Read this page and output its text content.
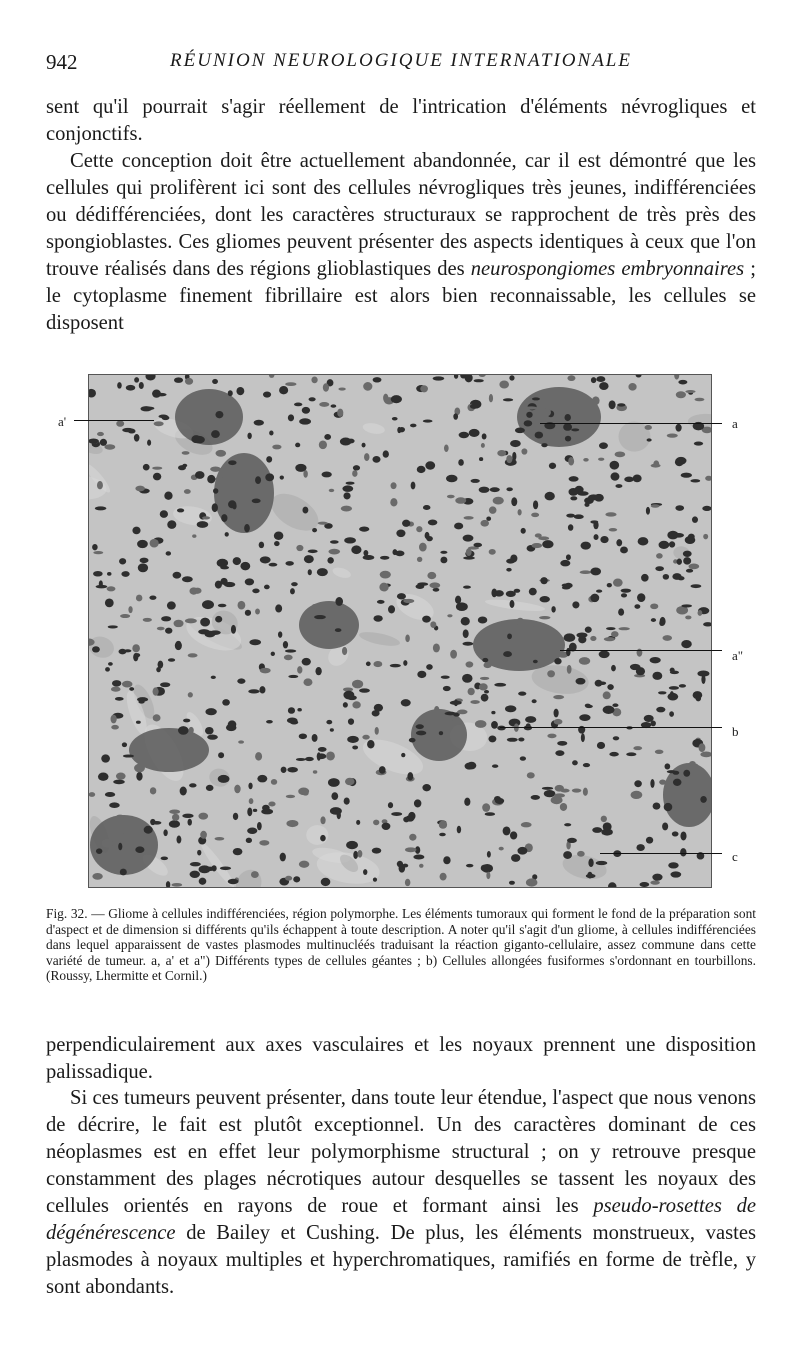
942	RÉUNION NEUROLOGIQUE INTERNATIONALE

sent qu'il pourrait s'agir réellement de l'intrication d'éléments névrogliques et conjonctifs.

Cette conception doit être actuellement abandonnée, car il est démontré que les cellules qui prolifèrent ici sont des cellules névrogliques très jeunes, indifférenciées ou dédifférenciées, dont les caractères structuraux se rapprochent de très près des spongioblastes. Ces gliomes peuvent présenter des aspects identiques à ceux que l'on trouve réalisés dans des régions glioblastiques des neurospongiomes embryonnaires ; le cytoplasme finement fibrillaire est alors bien reconnaissable, les cellules se disposent

a'	a
a"
b
c

Fig. 32. — Gliome à cellules indifférenciées, région polymorphe. Les éléments tumoraux qui forment le fond de la préparation sont d'aspect et de dimension si différents qu'ils échappent à toute description. A noter qu'il s'agit d'un gliome, à cellules indifférenciées dans lequel apparaissent de vastes plasmodes multinucléés traduisant la réaction giganto-cellulaire, assez commune dans cette variété de tumeur. a, a' et a") Différents types de cellules géantes ; b) Cellules allongées fusiformes s'ordonnant en tourbillons. (Roussy, Lhermitte et Cornil.)

perpendiculairement aux axes vasculaires et les noyaux prennent une disposition palissadique.

Si ces tumeurs peuvent présenter, dans toute leur étendue, l'aspect que nous venons de décrire, le fait est plutôt exceptionnel. Un des caractères dominant de ces néoplasmes est en effet leur polymorphisme structural ; on y retrouve presque constamment des plages nécrotiques autour desquelles se tassent les noyaux des cellules orientés en rayons de roue et formant ainsi les pseudo-rosettes de dégénérescence de Bailey et Cushing. De plus, les éléments monstrueux, vastes plasmodes à noyaux multiples et hyperchromatiques, ramifiés en forme de trèfle, y sont abondants.
